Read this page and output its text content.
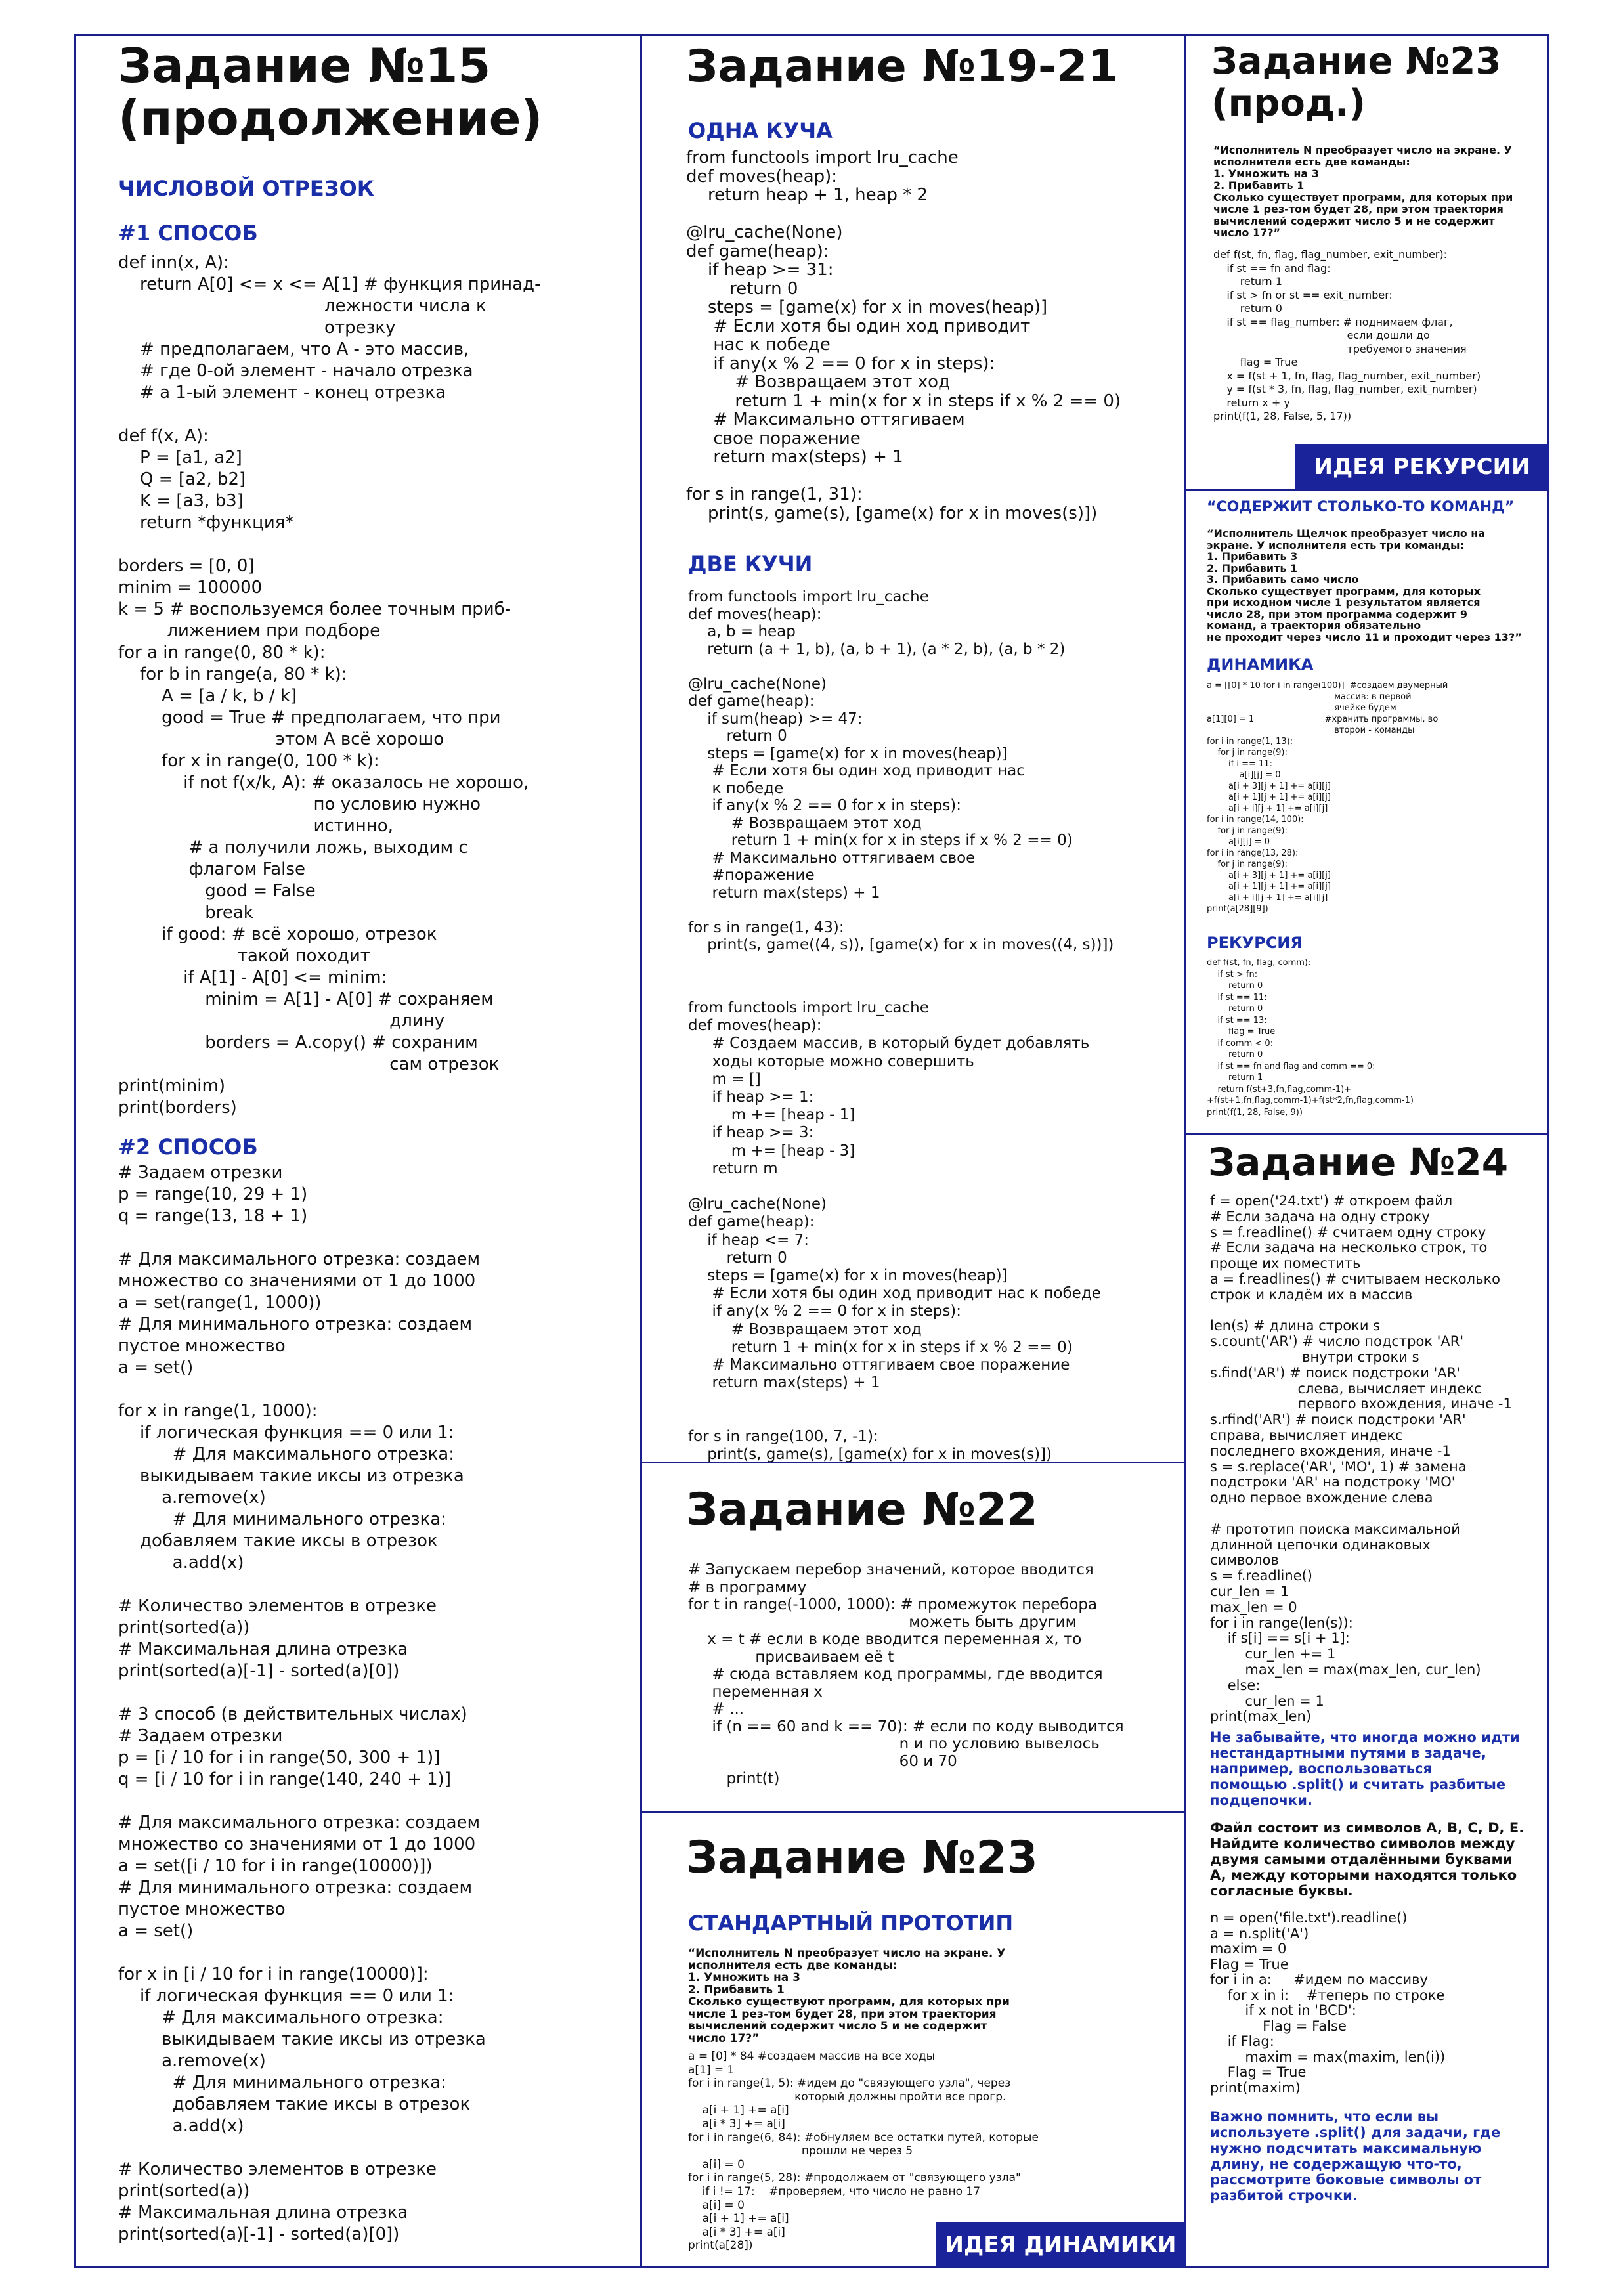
Задание №15
(продолжение)
ЧИСЛОВОЙ ОТРЕЗОК
#1 СПОСОБ
def inn(x, A):
return A[0] <= x <= A[1] # функция принад-
лежности числа к
отрезку
# предполагаем, что A - это массив,
# где 0-ой элемент - начало отрезка
# а 1-ый элемент - конец отрезка

def f(x, A):
P = [a1, a2]
Q = [a2, b2]
K = [a3, b3]
return *функция*

borders = [0, 0]
minim = 100000
k = 5 # воспользуемся более точным приб-
лижением при подборе
for a in range(0, 80 * k):
for b in range(a, 80 * k):
A = [a / k, b / k]
good = True # предполагаем, что при
этом A всё хорошо
for x in range(0, 100 * k):
if not f(x/k, A): # оказалось не хорошо,
по условию нужно
истинно,
# а получили ложь, выходим с
флагом False
good = False
break
if good: # всё хорошо, отрезок
такой походит
if A[1] - A[0] <= minim:
minim = A[1] - A[0] # сохраняем
длину
borders = A.copy() # сохраним
сам отрезок
print(minim)
print(borders)
#2 СПОСОБ
# Задаем отрезки
p = range(10, 29 + 1)
q = range(13, 18 + 1)

# Для максимального отрезка: создаем
множество со значениями от 1 до 1000
a = set(range(1, 1000))
# Для минимального отрезка: создаем
пустое множество
a = set()

for x in range(1, 1000):
if логическая функция == 0 или 1:
# Для максимального отрезка:
выкидываем такие иксы из отрезка
a.remove(x)
# Для минимального отрезка:
добавляем такие иксы в отрезок
a.add(x)

# Количество элементов в отрезке
print(sorted(a))
# Максимальная длина отрезка
print(sorted(a)[-1] - sorted(a)[0])

# 3 способ (в действительных числах)
# Задаем отрезки
p = [i / 10 for i in range(50, 300 + 1)]
q = [i / 10 for i in range(140, 240 + 1)]

# Для максимального отрезка: создаем
множество со значениями от 1 до 1000
a = set([i / 10 for i in range(10000)])
# Для минимального отрезка: создаем
пустое множество
a = set()

for x in [i / 10 for i in range(10000)]:
if логическая функция == 0 или 1:
# Для максимального отрезка:
выкидываем такие иксы из отрезка
a.remove(x)
# Для минимального отрезка:
добавляем такие иксы в отрезок
a.add(x)

# Количество элементов в отрезке
print(sorted(a))
# Максимальная длина отрезка
print(sorted(a)[-1] - sorted(a)[0])
Задание №19-21
ОДНА КУЧА
from functools import lru_cache
def moves(heap):
return heap + 1, heap * 2

@lru_cache(None)
def game(heap):
if heap >= 31:
return 0
steps = [game(x) for x in moves(heap)]
# Если хотя бы один ход приводит
нас к победе
if any(x % 2 == 0 for x in steps):
# Возвращаем этот ход
return 1 + min(x for x in steps if x % 2 == 0)
# Максимально оттягиваем
свое поражение
return max(steps) + 1

for s in range(1, 31):
print(s, game(s), [game(x) for x in moves(s)])
ДВЕ КУЧИ
from functools import lru_cache
def moves(heap):
a, b = heap
return (a + 1, b), (a, b + 1), (a * 2, b), (a, b * 2)

@lru_cache(None)
def game(heap):
if sum(heap) >= 47:
return 0
steps = [game(x) for x in moves(heap)]
# Если хотя бы один ход приводит нас
к победе
if any(x % 2 == 0 for x in steps):
# Возвращаем этот ход
return 1 + min(x for x in steps if x % 2 == 0)
# Максимально оттягиваем свое
#поражение
return max(steps) + 1

for s in range(1, 43):
print(s, game((4, s)), [game(x) for x in moves((4, s))])
from functools import lru_cache
def moves(heap):
# Создаем массив, в который будет добавлять
ходы которые можно совершить
m = []
if heap >= 1:
m += [heap - 1]
if heap >= 3:
m += [heap - 3]
return m

@lru_cache(None)
def game(heap):
if heap <= 7:
return 0
steps = [game(x) for x in moves(heap)]
# Если хотя бы один ход приводит нас к победе
if any(x % 2 == 0 for x in steps):
# Возвращаем этот ход
return 1 + min(x for x in steps if x % 2 == 0)
# Максимально оттягиваем свое поражение
return max(steps) + 1

for s in range(100, 7, -1):
print(s, game(s), [game(x) for x in moves(s)])
Задание №22
# Запускаем перебор значений, которое вводится
# в программу
for t in range(-1000, 1000): # промежуток перебора
можеть быть другим
x = t # если в коде вводится переменная x, то
присваиваем её t
# сюда вставляем код программы, где вводится
переменная x
# ...
if (n == 60 and k == 70): # если по коду выводится
n и по условию вывелось
60 и 70
print(t)
Задание №23
СТАНДАРТНЫЙ ПРОТОТИП
“Исполнитель N преобразует число на экране. У
исполнителя есть две команды:
1. Умножить на 3
2. Прибавить 1
Сколько существуют программ, для которых при
числе 1 рез-том будет 28, при этом траектория
вычислений содержит число 5 и не содержит
число 17?”
a = [0] * 84 #создаем массив на все ходы
a[1] = 1
for i in range(1, 5): #идем до "связующего узла", через
который должны пройти все прогр.
a[i + 1] += a[i]
a[i * 3] += a[i]
for i in range(6, 84): #обнуляем все остатки путей, которые
прошли не через 5
a[i] = 0
for i in range(5, 28): #продолжаем от "связующего узла"
if i != 17:    #проверяем, что число не равно 17
a[i] = 0
a[i + 1] += a[i]
a[i * 3] += a[i]
print(a[28])	ИДЕЯ ДИНАМИКИ
Задание №23
(прод.)
“Исполнитель N преобразует число на экране. У
исполнителя есть две команды:
1. Умножить на 3
2. Прибавить 1
Сколько существует программ, для которых при
числе 1 рез-том будет 28, при этом траектория
вычислений содержит число 5 и не содержит
число 17?”
def f(st, fn, flag, flag_number, exit_number):
if st == fn and flag:
return 1
if st > fn or st == exit_number:
return 0
if st == flag_number: # поднимаем флаг,
если дошли до
требуемого значения
flag = True
x = f(st + 1, fn, flag, flag_number, exit_number)
y = f(st * 3, fn, flag, flag_number, exit_number)
return x + y
print(f(1, 28, False, 5, 17))
ИДЕЯ РЕКУРСИИ
“СОДЕРЖИТ СТОЛЬКО-ТО КОМАНД”
“Исполнитель Щелчок преобразует число на
экране. У исполнителя есть три команды:
1. Прибавить 3
2. Прибавить 1
3. Прибавить само число
Сколько существует программ, для которых
при исходном числе 1 результатом является
число 28, при этом программа содержит 9
команд, а траектория обязательно
не проходит через число 11 и проходит через 13?”
ДИНАМИКА
a = [[0] * 10 for i in range(100)]  #создаем двумерный
массив: в первой
ячейке будем
a[1][0] = 1                          #хранить программы, во
второй - команды
for i in range(1, 13):
for j in range(9):
if i == 11:
a[i][j] = 0
a[i + 3][j + 1] += a[i][j]
a[i + 1][j + 1] += a[i][j]
a[i + i][j + 1] += a[i][j]
for i in range(14, 100):
for j in range(9):
a[i][j] = 0
for i in range(13, 28):
for j in range(9):
a[i + 3][j + 1] += a[i][j]
a[i + 1][j + 1] += a[i][j]
a[i + i][j + 1] += a[i][j]
print(a[28][9])
РЕКУРСИЯ
def f(st, fn, flag, comm):
if st > fn:
return 0
if st == 11:
return 0
if st == 13:
flag = True
if comm < 0:
return 0
if st == fn and flag and comm == 0:
return 1
return f(st+3,fn,flag,comm-1)+
+f(st+1,fn,flag,comm-1)+f(st*2,fn,flag,comm-1)
print(f(1, 28, False, 9))
Задание №24
f = open('24.txt') # откроем файл
# Если задача на одну строку
s = f.readline() # считаем одну строку
# Если задача на несколько строк, то
проще их поместить
a = f.readlines() # считываем несколько
строк и кладём их в массив

len(s) # длина строки s
s.count('AR') # число подстрок 'AR'
внутри строки s
s.find('AR') # поиск подстроки 'AR'
слева, вычисляет индекс
первого вхождения, иначе -1
s.rfind('AR') # поиск подстроки 'AR'
справа, вычисляет индекс
последнего вхождения, иначе -1
s = s.replace('AR', 'MO', 1) # замена
подстроки 'AR' на подстроку 'MO'
одно первое вхождение слева

# прототип поиска максимальной
длинной цепочки одинаковых
символов
s = f.readline()
cur_len = 1
max_len = 0
for i in range(len(s)):
if s[i] == s[i + 1]:
cur_len += 1
max_len = max(max_len, cur_len)
else:
cur_len = 1
print(max_len)
Не забывайте, что иногда можно идти
нестандартными путями в задаче,
например, воспользоваться
помощью .split() и считать разбитые
подцепочки.
Файл состоит из символов A, B, C, D, E.
Найдите количество символов между
двумя самыми отдалёнными буквами
A, между которыми находятся только
согласные буквы.
n = open('file.txt').readline()
a = n.split('A')
maxim = 0
Flag = True
for i in a:     #идем по массиву
for x in i:    #теперь по строке
if x not in 'BCD':
Flag = False
if Flag:
maxim = max(maxim, len(i))
Flag = True
print(maxim)
Важно помнить, что если вы
используете .split() для задачи, где
нужно подсчитать максимальную
длину, не содержащую что-то,
рассмотрите боковые символы от
разбитой строчки.
